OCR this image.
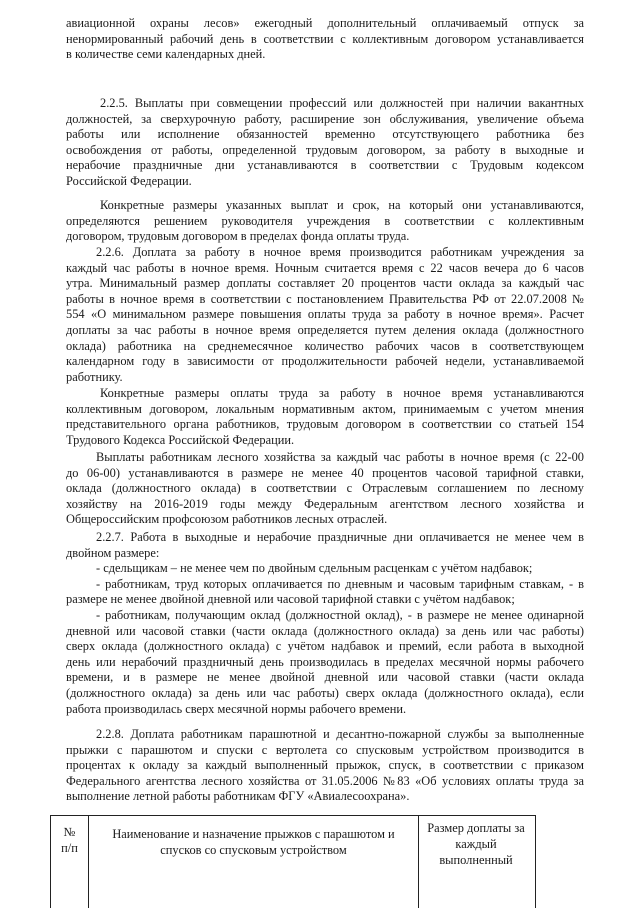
авиационной охраны лесов» ежегодный дополнительный оплачиваемый отпуск за
ненормированный рабочий день в соответствии с коллективным договором устанавливается
в количестве семи календарных дней.
2.2.5. Выплаты при совмещении профессий или должностей при наличии вакантных
должностей, за сверхурочную работу, расширение зон обслуживания, увеличение объема
работы или исполнение обязанностей временно отсутствующего работника без
освобождения от работы, определенной трудовым договором, за работу в выходные и
нерабочие праздничные дни устанавливаются в соответствии с Трудовым кодексом
Российской Федерации.
Конкретные размеры указанных выплат и срок, на который они устанавливаются,
определяются решением руководителя учреждения в соответствии с коллективным
договором, трудовым договором в пределах фонда оплаты труда.
2.2.6. Доплата за работу в ночное время производится работникам учреждения за
каждый час работы в ночное время. Ночным считается время с 22 часов вечера до 6 часов
утра. Минимальный размер доплаты составляет 20 процентов части оклада за каждый час
работы в ночное время в соответствии с постановлением Правительства РФ от 22.07.2008 №
554 «О минимальном размере повышения оплаты труда за работу в ночное время». Расчет
доплаты за час работы в ночное время определяется путем деления оклада (должностного
оклада) работника на среднемесячное количество рабочих часов в соответствующем
календарном году в зависимости от продолжительности рабочей недели, устанавливаемой
работнику.
Конкретные размеры оплаты труда за работу в ночное время устанавливаются
коллективным договором, локальным нормативным актом, принимаемым с учетом мнения
представительного органа работников, трудовым договором в соответствии со статьей 154
Трудового Кодекса Российской Федерации.
Выплаты работникам лесного хозяйства за каждый час работы в ночное время (с 22-00
до 06-00) устанавливаются в размере не менее 40 процентов часовой тарифной ставки,
оклада (должностного оклада) в соответствии с Отраслевым соглашением по лесному
хозяйству на 2016-2019 годы между Федеральным агентством лесного хозяйства и
Общероссийским профсоюзом работников лесных отраслей.
2.2.7. Работа в выходные и нерабочие праздничные дни оплачивается не менее чем в
двойном размере:
- сдельщикам – не менее чем по двойным сдельным расценкам с учётом надбавок;
- работникам, труд которых оплачивается по дневным и часовым тарифным ставкам, - в
размере не менее двойной дневной или часовой тарифной ставки с учётом надбавок;
- работникам, получающим оклад (должностной оклад), - в размере не менее одинарной
дневной или часовой ставки (части оклада (должностного оклада) за день или час работы)
сверх оклада (должностного оклада) с учётом надбавок и премий, если работа в выходной
день или нерабочий праздничный день производилась в пределах месячной нормы рабочего
времени, и в размере не менее двойной дневной или часовой ставки (части оклада
(должностного оклада) за день или час работы) сверх оклада (должностного оклада), если
работа производилась сверх месячной нормы рабочего времени.
2.2.8. Доплата работникам парашютной и десантно-пожарной службы за выполненные
прыжки с парашютом и спуски с вертолета со спусковым устройством производится в
процентах к окладу за каждый выполненный прыжок, спуск, в соответствии с приказом
Федерального агентства лесного хозяйства от 31.05.2006 №83 «Об условиях оплаты труда за
выполнение летной работы работникам ФГУ «Авиалесоохрана».
№
п/п
Наименование и назначение прыжков с парашютом и
спусков со спусковым устройством
Размер доплаты за
каждый
выполненный
